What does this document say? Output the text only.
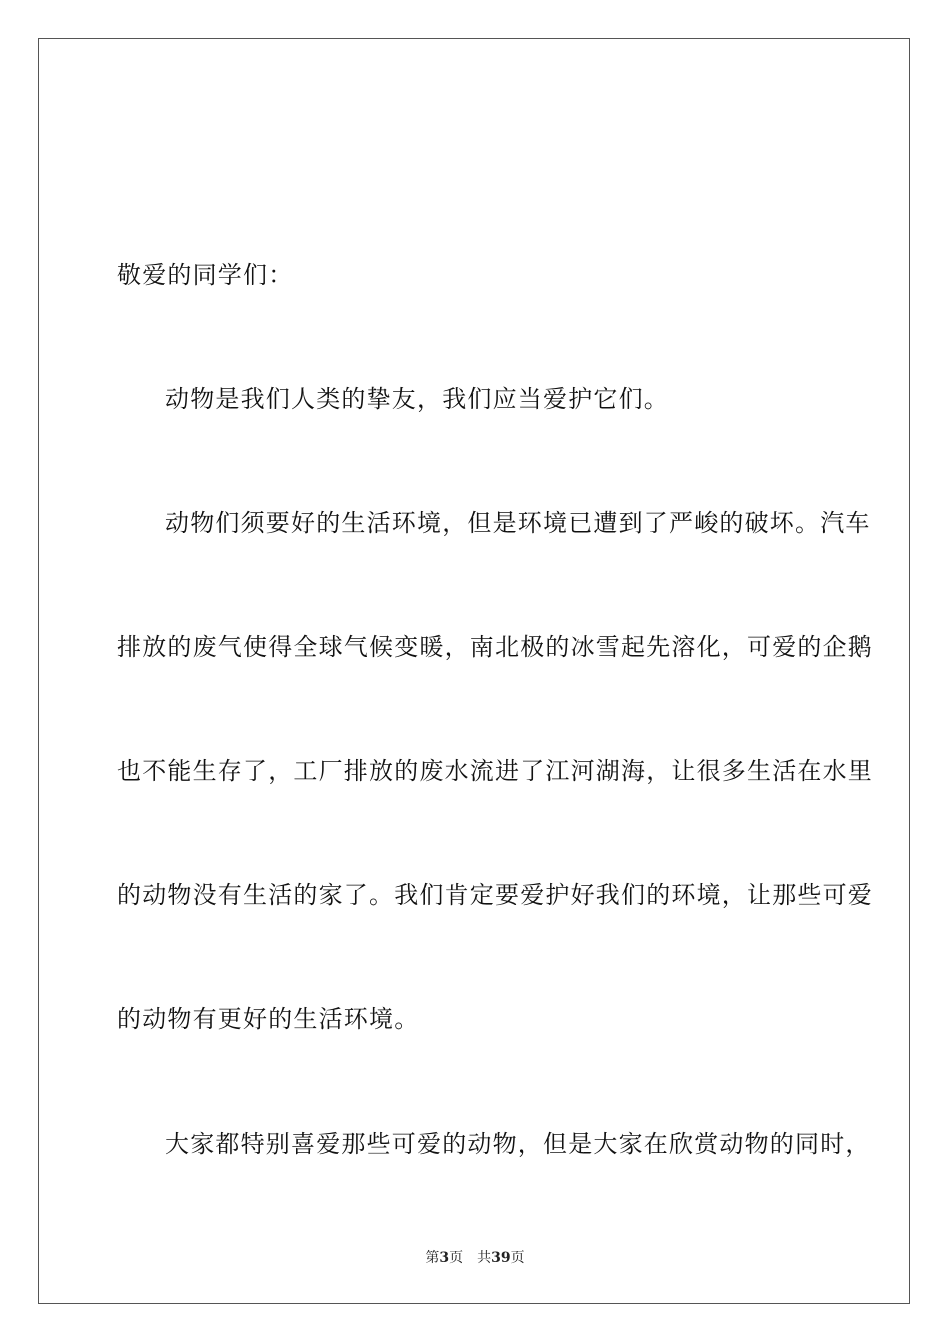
敬爱的同学们：
动物是我们人类的挚友，我们应当爱护它们。
动物们须要好的生活环境，但是环境已遭到了严峻的破坏。汽车
排放的废气使得全球气候变暖，南北极的冰雪起先溶化，可爱的企鹅
也不能生存了，工厂排放的废水流进了江河湖海，让很多生活在水里
的动物没有生活的家了。我们肯定要爱护好我们的环境，让那些可爱
的动物有更好的生活环境。
大家都特别喜爱那些可爱的动物，但是大家在欣赏动物的同时，
第3页 共39页
